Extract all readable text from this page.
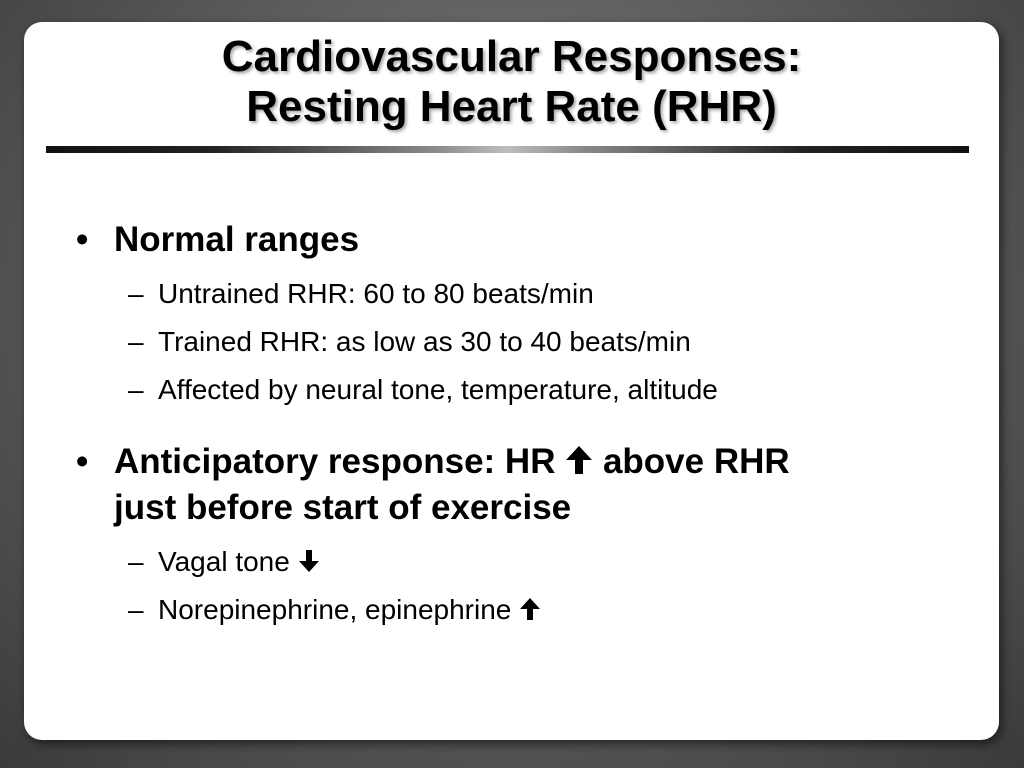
Cardiovascular Responses:
Resting Heart Rate (RHR)
• Normal ranges
– Untrained RHR: 60 to 80 beats/min
– Trained RHR: as low as 30 to 40 beats/min
– Affected by neural tone, temperature, altitude
• Anticipatory response: HR above RHR
just before start of exercise
– Vagal tone
– Norepinephrine, epinephrine
